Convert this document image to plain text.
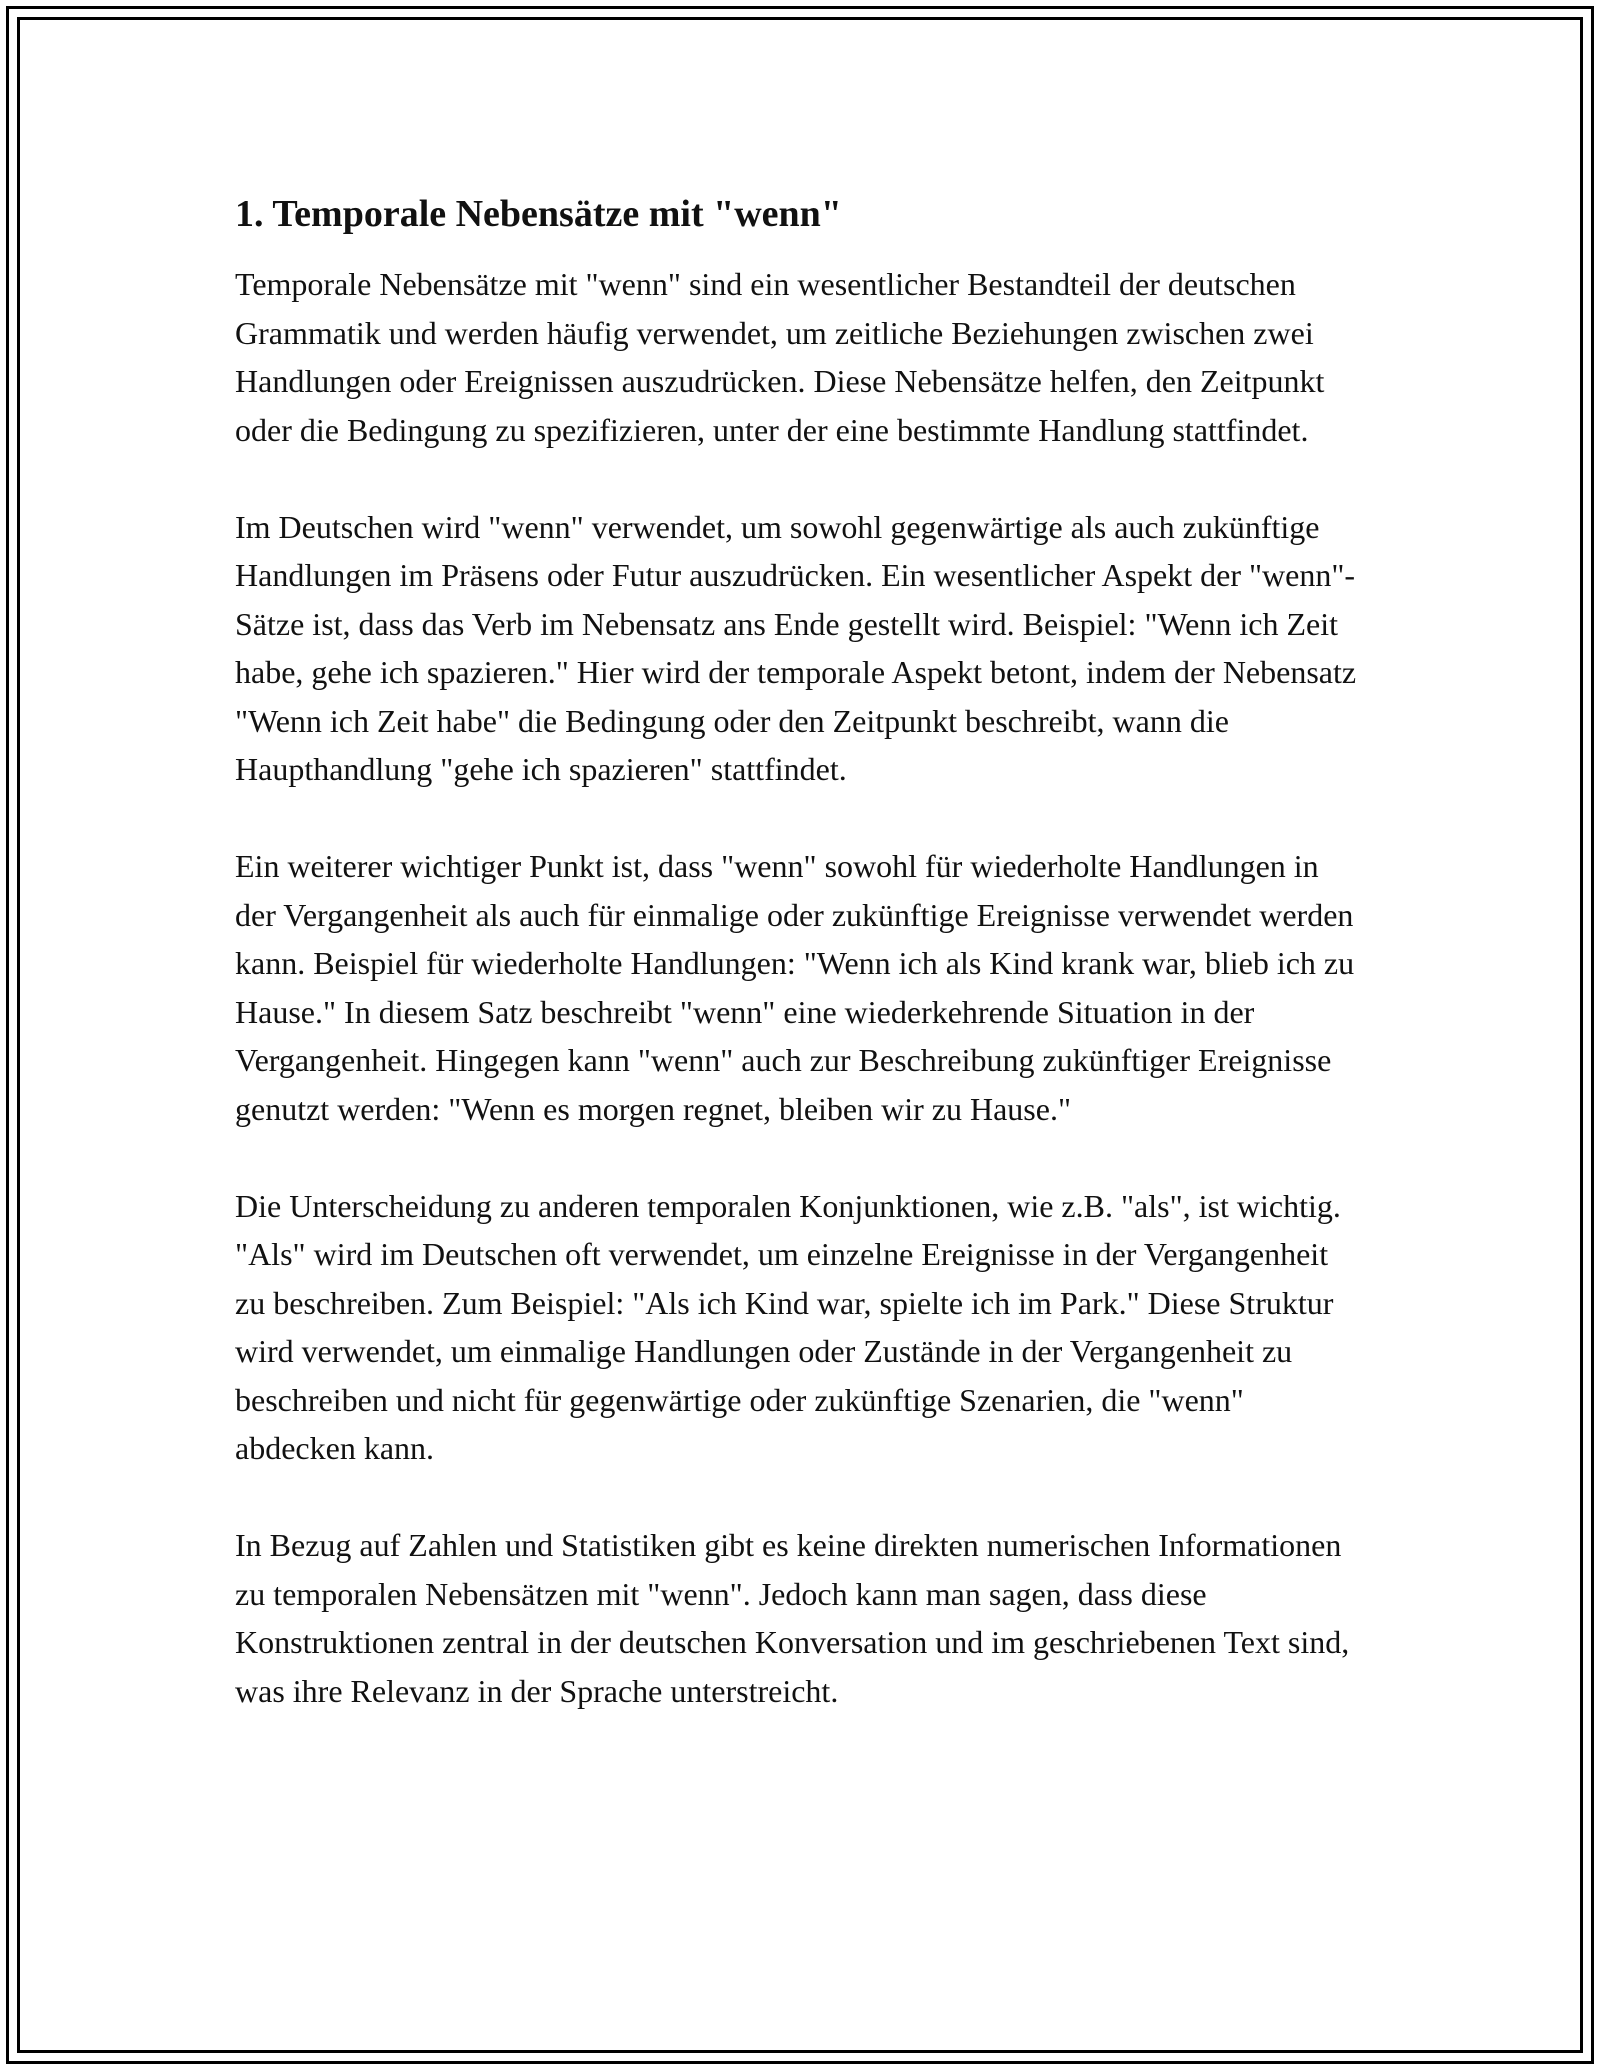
1. Temporale Nebensätze mit "wenn"

Temporale Nebensätze mit "wenn" sind ein wesentlicher Bestandteil der deutschen Grammatik und werden häufig verwendet, um zeitliche Beziehungen zwischen zwei Handlungen oder Ereignissen auszudrücken. Diese Nebensätze helfen, den Zeitpunkt oder die Bedingung zu spezifizieren, unter der eine bestimmte Handlung stattfindet.

Im Deutschen wird "wenn" verwendet, um sowohl gegenwärtige als auch zukünftige Handlungen im Präsens oder Futur auszudrücken. Ein wesentlicher Aspekt der "wenn"-Sätze ist, dass das Verb im Nebensatz ans Ende gestellt wird. Beispiel: "Wenn ich Zeit habe, gehe ich spazieren." Hier wird der temporale Aspekt betont, indem der Nebensatz "Wenn ich Zeit habe" die Bedingung oder den Zeitpunkt beschreibt, wann die Haupthandlung "gehe ich spazieren" stattfindet.

Ein weiterer wichtiger Punkt ist, dass "wenn" sowohl für wiederholte Handlungen in der Vergangenheit als auch für einmalige oder zukünftige Ereignisse verwendet werden kann. Beispiel für wiederholte Handlungen: "Wenn ich als Kind krank war, blieb ich zu Hause." In diesem Satz beschreibt "wenn" eine wiederkehrende Situation in der Vergangenheit. Hingegen kann "wenn" auch zur Beschreibung zukünftiger Ereignisse genutzt werden: "Wenn es morgen regnet, bleiben wir zu Hause."

Die Unterscheidung zu anderen temporalen Konjunktionen, wie z.B. "als", ist wichtig. "Als" wird im Deutschen oft verwendet, um einzelne Ereignisse in der Vergangenheit zu beschreiben. Zum Beispiel: "Als ich Kind war, spielte ich im Park." Diese Struktur wird verwendet, um einmalige Handlungen oder Zustände in der Vergangenheit zu beschreiben und nicht für gegenwärtige oder zukünftige Szenarien, die "wenn" abdecken kann.

In Bezug auf Zahlen und Statistiken gibt es keine direkten numerischen Informationen zu temporalen Nebensätzen mit "wenn". Jedoch kann man sagen, dass diese Konstruktionen zentral in der deutschen Konversation und im geschriebenen Text sind, was ihre Relevanz in der Sprache unterstreicht.
